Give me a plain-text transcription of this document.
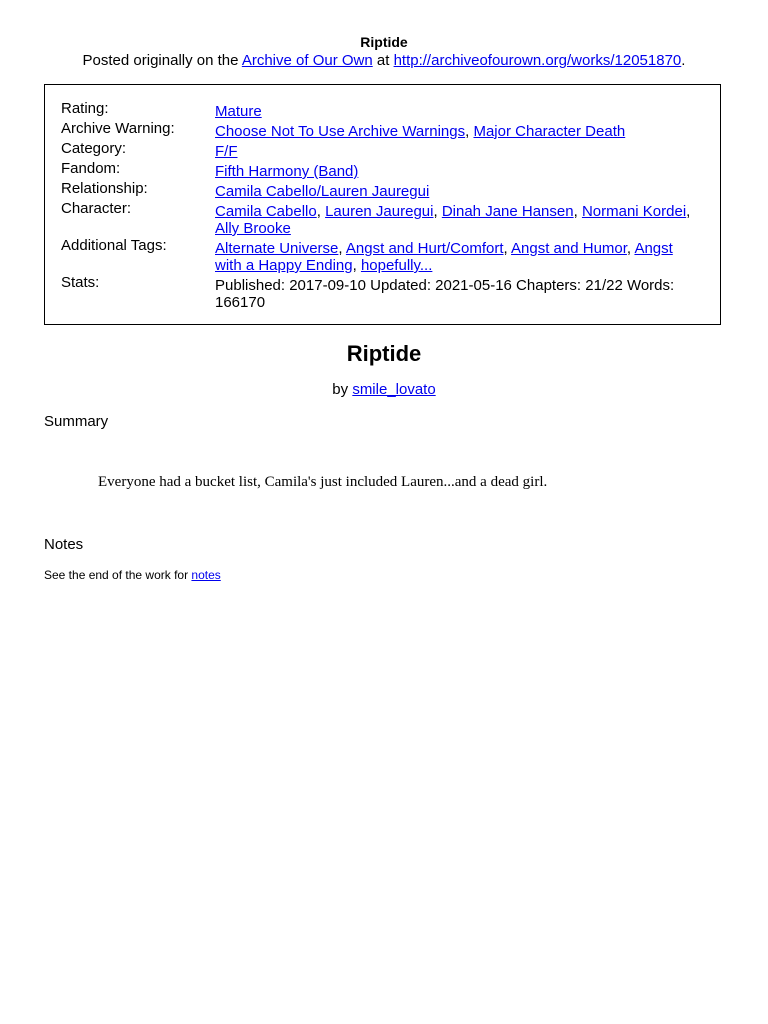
Riptide
Posted originally on the Archive of Our Own at http://archiveofourown.org/works/12051870.
Rating:	Mature
Archive Warning:	Choose Not To Use Archive Warnings, Major Character Death
Category:	F/F
Fandom:	Fifth Harmony (Band)
Relationship:	Camila Cabello/Lauren Jauregui
Character:	Camila Cabello, Lauren Jauregui, Dinah Jane Hansen, Normani Kordei, Ally Brooke
Additional Tags:	Alternate Universe, Angst and Hurt/Comfort, Angst and Humor, Angst with a Happy Ending, hopefully...
Stats:	Published: 2017-09-10 Updated: 2021-05-16 Chapters: 21/22 Words: 166170
Riptide
by smile_lovato
Summary
Everyone had a bucket list, Camila's just included Lauren...and a dead girl.
Notes
See the end of the work for notes
